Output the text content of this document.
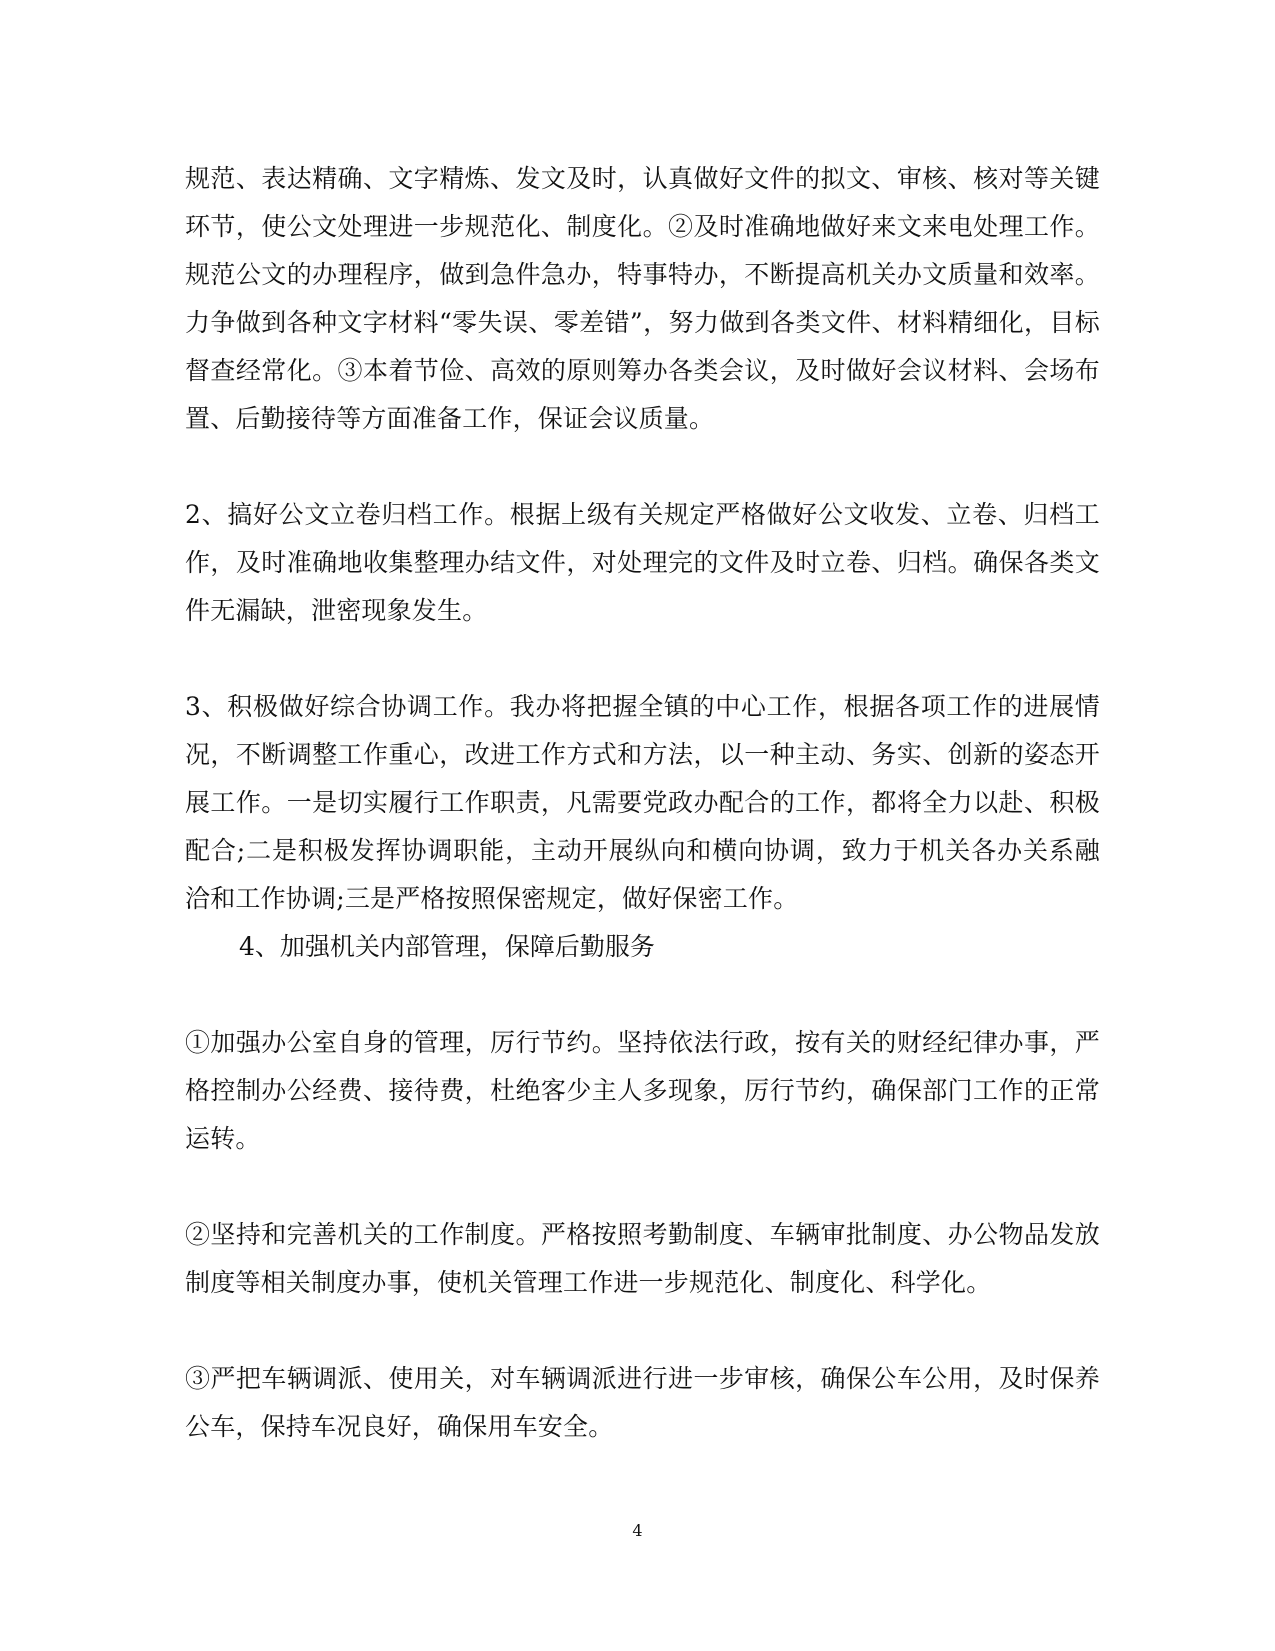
规范、表达精确、文字精炼、发文及时，认真做好文件的拟文、审核、核对等关键环节，使公文处理进一步规范化、制度化。②及时准确地做好来文来电处理工作。规范公文的办理程序，做到急件急办，特事特办，不断提高机关办文质量和效率。力争做到各种文字材料“零失误、零差错”，努力做到各类文件、材料精细化，目标督查经常化。③本着节俭、高效的原则筹办各类会议，及时做好会议材料、会场布置、后勤接待等方面准备工作，保证会议质量。

2、搞好公文立卷归档工作。根据上级有关规定严格做好公文收发、立卷、归档工作，及时准确地收集整理办结文件，对处理完的文件及时立卷、归档。确保各类文件无漏缺，泄密现象发生。

3、积极做好综合协调工作。我办将把握全镇的中心工作，根据各项工作的进展情况，不断调整工作重心，改进工作方式和方法，以一种主动、务实、创新的姿态开展工作。一是切实履行工作职责，凡需要党政办配合的工作，都将全力以赴、积极配合;二是积极发挥协调职能，主动开展纵向和横向协调，致力于机关各办关系融洽和工作协调;三是严格按照保密规定，做好保密工作。

4、加强机关内部管理，保障后勤服务

①加强办公室自身的管理，厉行节约。坚持依法行政，按有关的财经纪律办事，严格控制办公经费、接待费，杜绝客少主人多现象，厉行节约，确保部门工作的正常运转。

②坚持和完善机关的工作制度。严格按照考勤制度、车辆审批制度、办公物品发放制度等相关制度办事，使机关管理工作进一步规范化、制度化、科学化。

③严把车辆调派、使用关，对车辆调派进行进一步审核，确保公车公用，及时保养公车，保持车况良好，确保用车安全。

4
